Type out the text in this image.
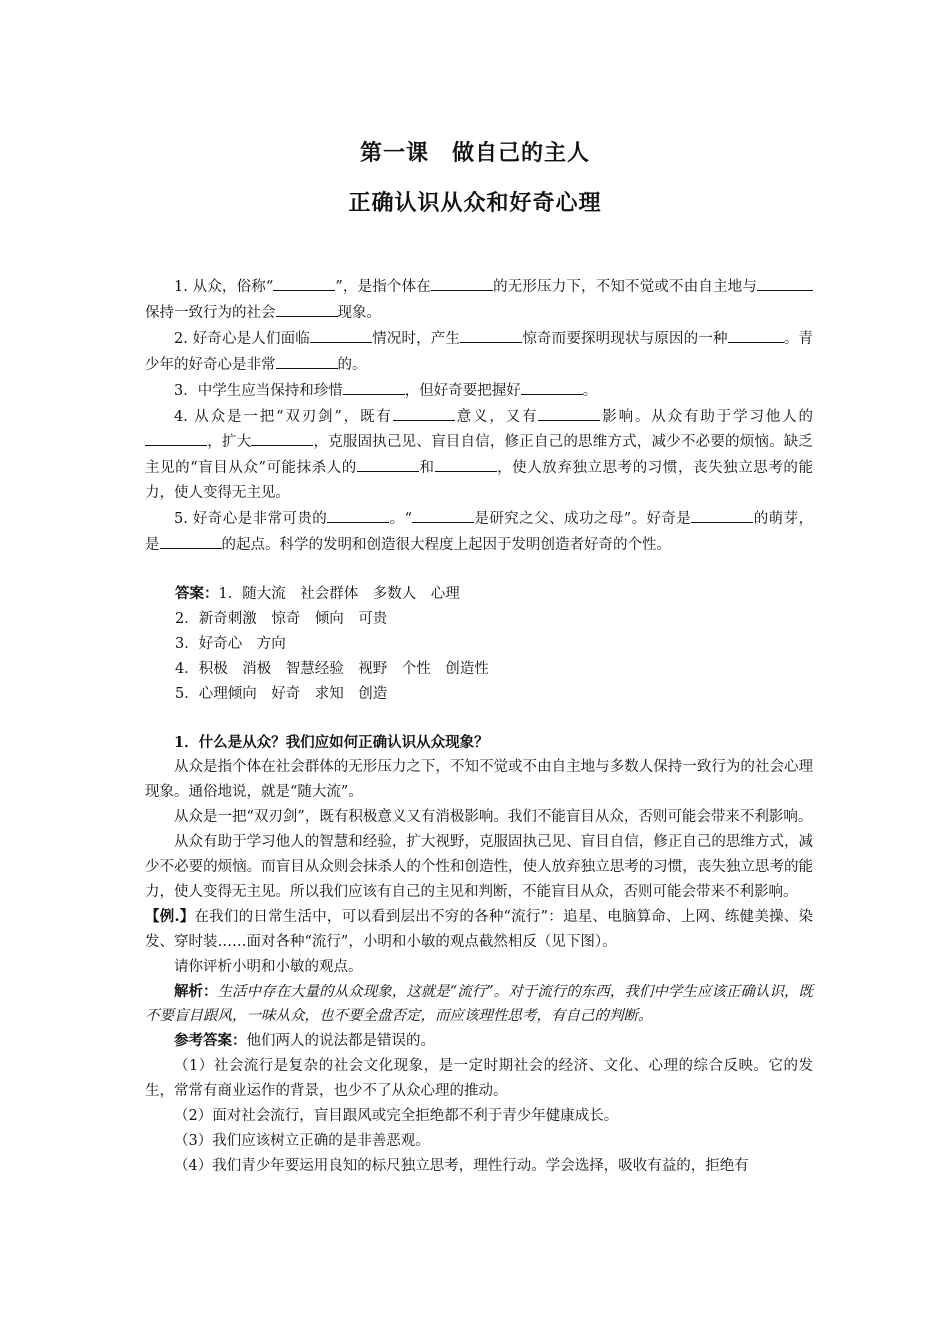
第一课　做自己的主人
正确认识从众和好奇心理

1. 从众，俗称“	”，是指个体在	的无形压力下，不知不觉或不由自主地与保持一致行为的社会	现象。

2. 好奇心是人们面临	情况时，产生	惊奇而要探明现状与原因的一种	。青少年的好奇心是非常	的。

3．中学生应当保持和珍惜	，但好奇要把握好	。

4. 从众是一把“双刃剑”，既有	意义，又有	影响。从众有助于学习他人的，扩大	，克服固执己见、盲目自信，修正自己的思维方式，减少不必要的烦恼。缺乏主见的“盲目从众”可能抹杀人的	和	，使人放弃独立思考的习惯，丧失独立思考的能力，使人变得无主见。

5. 好奇心是非常可贵的	。“	是研究之父、成功之母”。好奇是	的萌芽，是	的起点。科学的发明和创造很大程度上起因于发明创造者好奇的个性。

答案：1．随大流　社会群体　多数人　心理

2．新奇刺激　惊奇　倾向　可贵

3．好奇心　方向

4．积极　消极　智慧经验　视野　个性　创造性

5．心理倾向　好奇　求知　创造

1．什么是从众？我们应如何正确认识从众现象？

从众是指个体在社会群体的无形压力之下，不知不觉或不由自主地与多数人保持一致行为的社会心理现象。通俗地说，就是“随大流”。

从众是一把“双刃剑”，既有积极意义又有消极影响。我们不能盲目从众，否则可能会带来不利影响。

从众有助于学习他人的智慧和经验，扩大视野，克服固执己见、盲目自信，修正自己的思维方式，减少不必要的烦恼。而盲目从众则会抹杀人的个性和创造性，使人放弃独立思考的习惯，丧失独立思考的能力，使人变得无主见。所以我们应该有自己的主见和判断，不能盲目从众，否则可能会带来不利影响。

【例.】在我们的日常生活中，可以看到层出不穷的各种“流行”：追星、电脑算命、上网、练健美操、染发、穿时装……面对各种“流行”，小明和小敏的观点截然相反（见下图）。

请你评析小明和小敏的观点。

解析：生活中存在大量的从众现象，这就是“流行”。对于流行的东西，我们中学生应该正确认识，既不要盲目跟风，一味从众，也不要全盘否定，而应该理性思考，有自己的判断。

参考答案：他们两人的说法都是错误的。

（1）社会流行是复杂的社会文化现象，是一定时期社会的经济、文化、心理的综合反映。它的发生，常常有商业运作的背景，也少不了从众心理的推动。

（2）面对社会流行，盲目跟风或完全拒绝都不利于青少年健康成长。

（3）我们应该树立正确的是非善恶观。

（4）我们青少年要运用良知的标尺独立思考，理性行动。学会选择，吸收有益的，拒绝有
